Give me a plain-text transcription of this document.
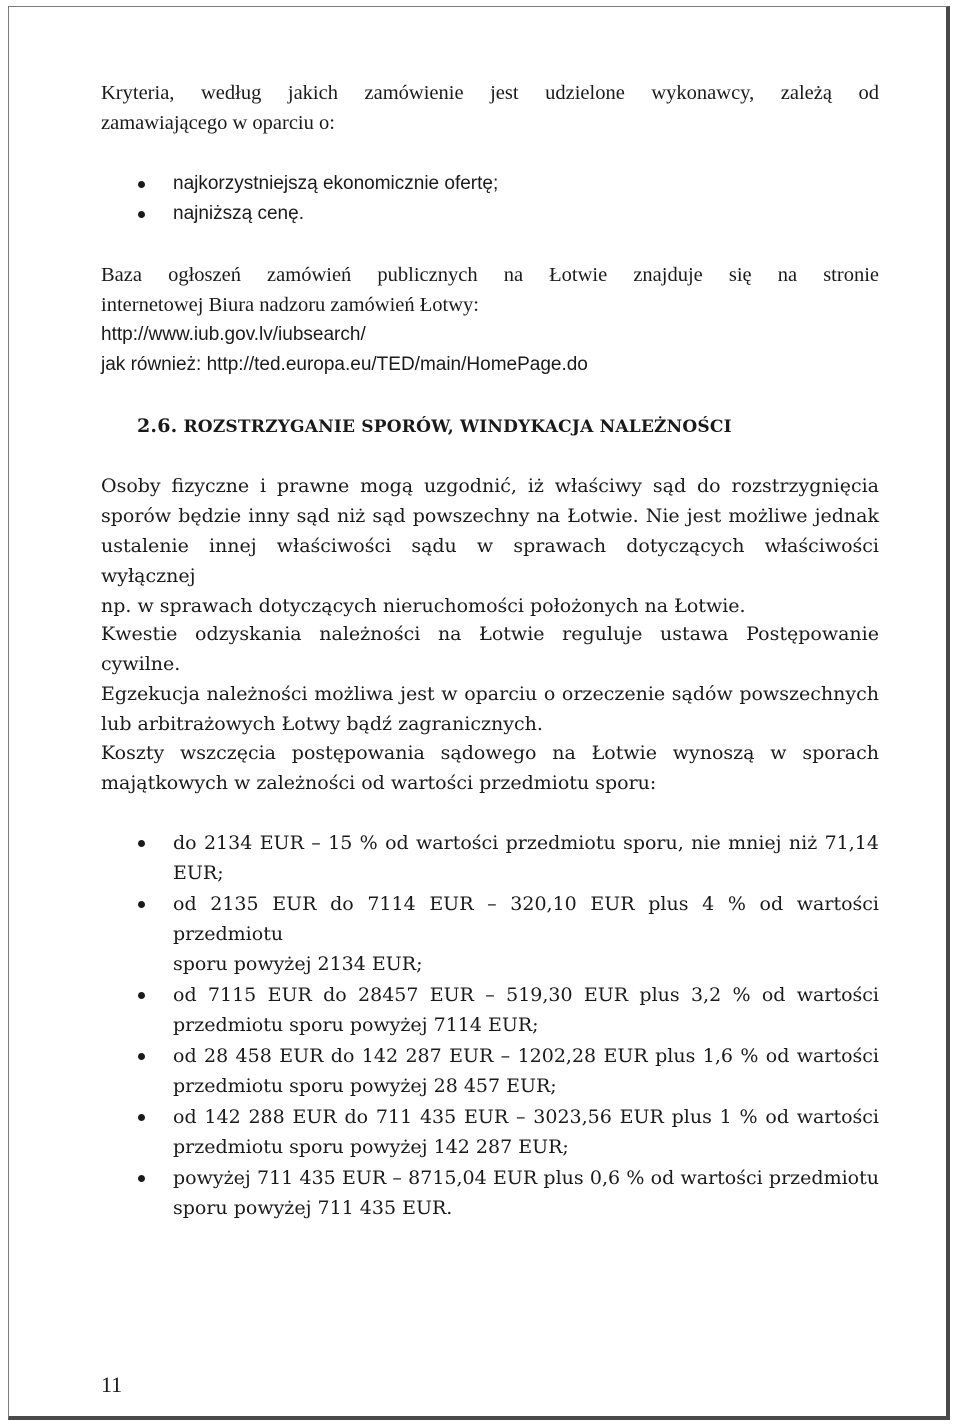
Kryteria, według jakich zamówienie jest udzielone wykonawcy, zależą od
zamawiającego w oparciu o:
najkorzystniejszą ekonomicznie ofertę;
najniższą cenę.
Baza ogłoszeń zamówień publicznych na Łotwie znajduje się na stronie
internetowej Biura nadzoru zamówień Łotwy:
http://www.iub.gov.lv/iubsearch/
jak również: http://ted.europa.eu/TED/main/HomePage.do
2.6. ROZSTRZYGANIE SPORÓW, WINDYKACJA NALEŻNOŚCI
Osoby fizyczne i prawne mogą uzgodnić, iż właściwy sąd do rozstrzygnięcia
sporów będzie inny sąd niż sąd powszechny na Łotwie. Nie jest możliwe jednak
ustalenie innej właściwości sądu w sprawach dotyczących właściwości wyłącznej
np. w sprawach dotyczących nieruchomości położonych na Łotwie.
Kwestie odzyskania należności na Łotwie reguluje ustawa Postępowanie cywilne.
Egzekucja należności możliwa jest w oparciu o orzeczenie sądów powszechnych
lub arbitrażowych Łotwy bądź zagranicznych.
Koszty wszczęcia postępowania sądowego na Łotwie wynoszą w sporach
majątkowych w zależności od wartości przedmiotu sporu:
do 2134 EUR – 15 % od wartości przedmiotu sporu, nie mniej niż 71,14
EUR;
od 2135 EUR do 7114 EUR – 320,10 EUR plus 4 % od wartości przedmiotu
sporu powyżej 2134 EUR;
od 7115 EUR do 28457 EUR – 519,30 EUR plus 3,2 % od wartości
przedmiotu sporu powyżej 7114 EUR;
od 28 458 EUR do 142 287 EUR – 1202,28 EUR plus 1,6 % od wartości
przedmiotu sporu powyżej 28 457 EUR;
od 142 288 EUR do 711 435 EUR – 3023,56 EUR plus 1 % od wartości
przedmiotu sporu powyżej 142 287 EUR;
powyżej 711 435 EUR – 8715,04 EUR plus 0,6 % od wartości przedmiotu
sporu powyżej 711 435 EUR.
11
